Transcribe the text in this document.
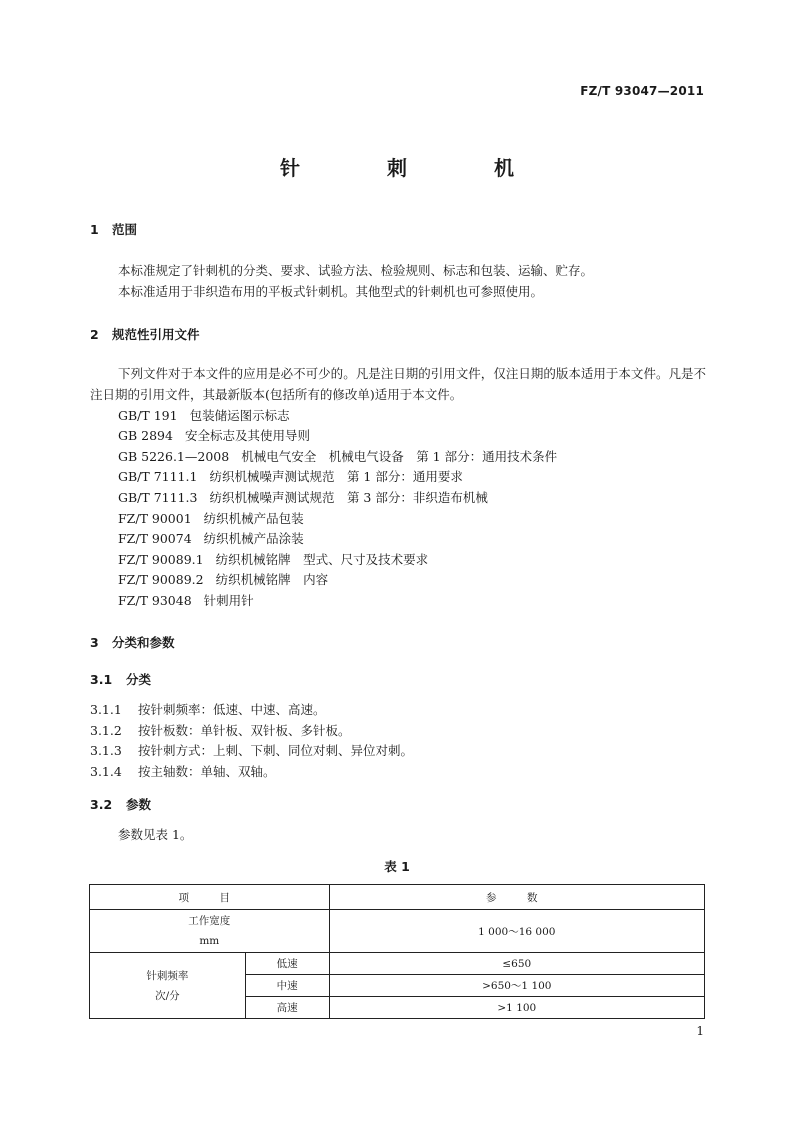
FZ/T 93047—2011
针 刺 机
1 范围
本标准规定了针刺机的分类、要求、试验方法、检验规则、标志和包装、运输、贮存。
本标准适用于非织造布用的平板式针刺机。其他型式的针刺机也可参照使用。
2 规范性引用文件
下列文件对于本文件的应用是必不可少的。凡是注日期的引用文件，仅注日期的版本适用于本文件。凡是不注日期的引用文件，其最新版本(包括所有的修改单)适用于本文件。
GB/T 191 包装储运图示标志
GB 2894 安全标志及其使用导则
GB 5226.1—2008 机械电气安全　机械电气设备　第 1 部分：通用技术条件
GB/T 7111.1 纺织机械噪声测试规范　第 1 部分：通用要求
GB/T 7111.3 纺织机械噪声测试规范　第 3 部分：非织造布机械
FZ/T 90001 纺织机械产品包装
FZ/T 90074 纺织机械产品涂装
FZ/T 90089.1 纺织机械铭牌　型式、尺寸及技术要求
FZ/T 90089.2 纺织机械铭牌　内容
FZ/T 93048 针刺用针
3 分类和参数
3.1 分类
3.1.1 按针刺频率：低速、中速、高速。
3.1.2 按针板数：单针板、双针板、多针板。
3.1.3 按针刺方式：上刺、下刺、同位对刺、异位对刺。
3.1.4 按主轴数：单轴、双轴。
3.2 参数
参数见表 1。
表 1
项　目		参　数

工作宽度
mm		1 000～16 000

针刺频率
次/分	低速	≤650
	中速	>650～1 100
	高速	>1 100
1
